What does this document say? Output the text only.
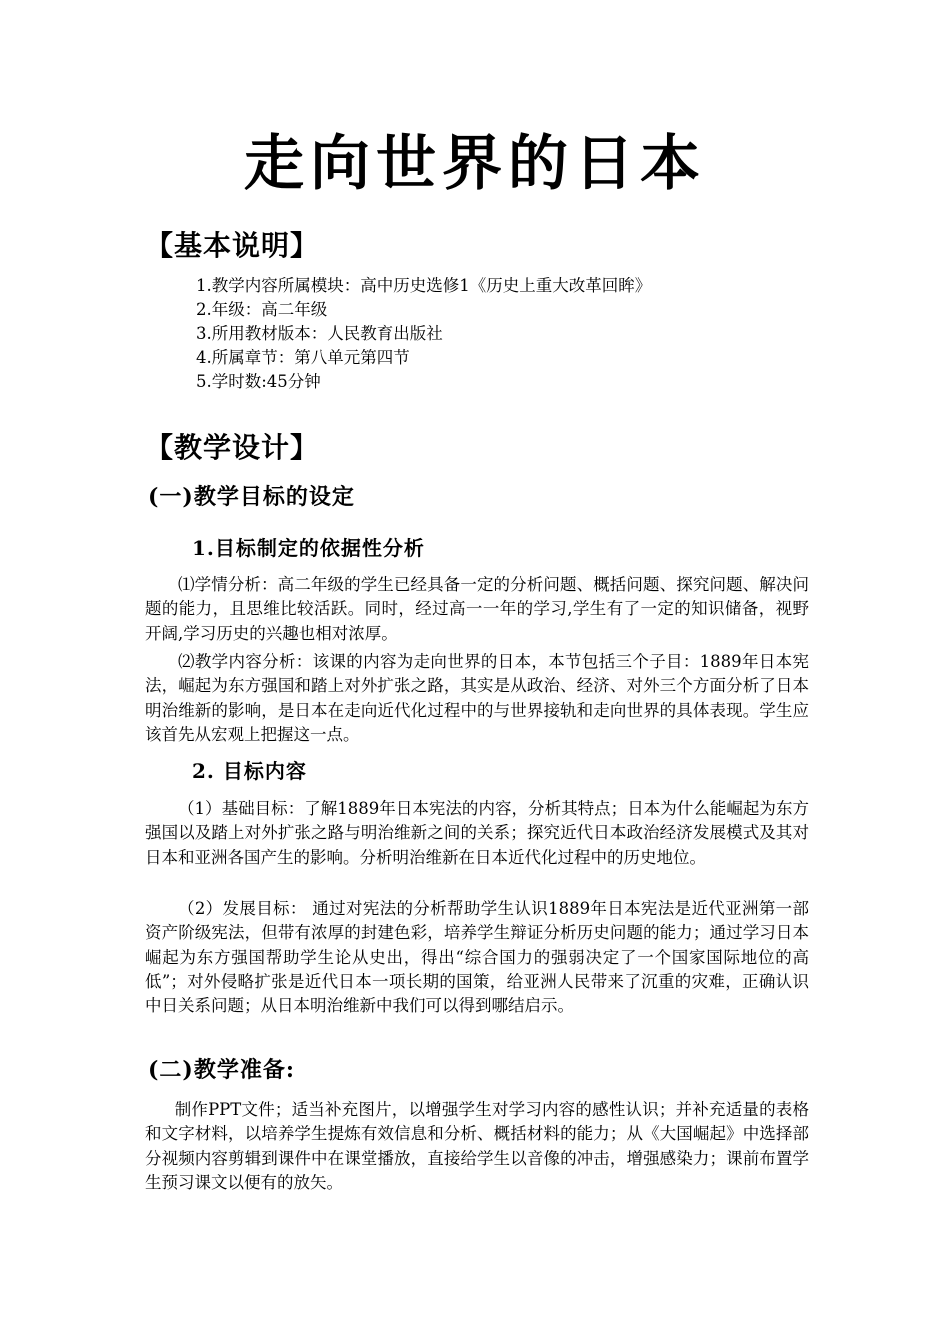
走向世界的日本
【基本说明】
1.教学内容所属模块：高中历史选修1《历史上重大改革回眸》
2.年级：高二年级
3.所用教材版本：人民教育出版社
4.所属章节：第八单元第四节
5.学时数:45分钟
【教学设计】
(一)教学目标的设定
1.目标制定的依据性分析
⑴学情分析：高二年级的学生已经具备一定的分析问题、概括问题、探究问题、解决问题的能力，且思维比较活跃。同时，经过高一一年的学习,学生有了一定的知识储备，视野开阔,学习历史的兴趣也相对浓厚。
⑵教学内容分析：该课的内容为走向世界的日本，本节包括三个子目：1889年日本宪法，崛起为东方强国和踏上对外扩张之路，其实是从政治、经济、对外三个方面分析了日本明治维新的影响，是日本在走向近代化过程中的与世界接轨和走向世界的具体表现。学生应该首先从宏观上把握这一点。
2. 目标内容
（1）基础目标：了解1889年日本宪法的内容，分析其特点；日本为什么能崛起为东方强国以及踏上对外扩张之路与明治维新之间的关系；探究近代日本政治经济发展模式及其对日本和亚洲各国产生的影响。分析明治维新在日本近代化过程中的历史地位。
（2）发展目标： 通过对宪法的分析帮助学生认识1889年日本宪法是近代亚洲第一部资产阶级宪法，但带有浓厚的封建色彩，培养学生辩证分析历史问题的能力；通过学习日本崛起为东方强国帮助学生论从史出，得出“综合国力的强弱决定了一个国家国际地位的高低”；对外侵略扩张是近代日本一项长期的国策，给亚洲人民带来了沉重的灾难，正确认识中日关系问题；从日本明治维新中我们可以得到哪结启示。
(二)教学准备:
制作PPT文件；适当补充图片，以增强学生对学习内容的感性认识；并补充适量的表格和文字材料，以培养学生提炼有效信息和分析、概括材料的能力；从《大国崛起》中选择部分视频内容剪辑到课件中在课堂播放，直接给学生以音像的冲击，增强感染力；课前布置学生预习课文以便有的放矢。
